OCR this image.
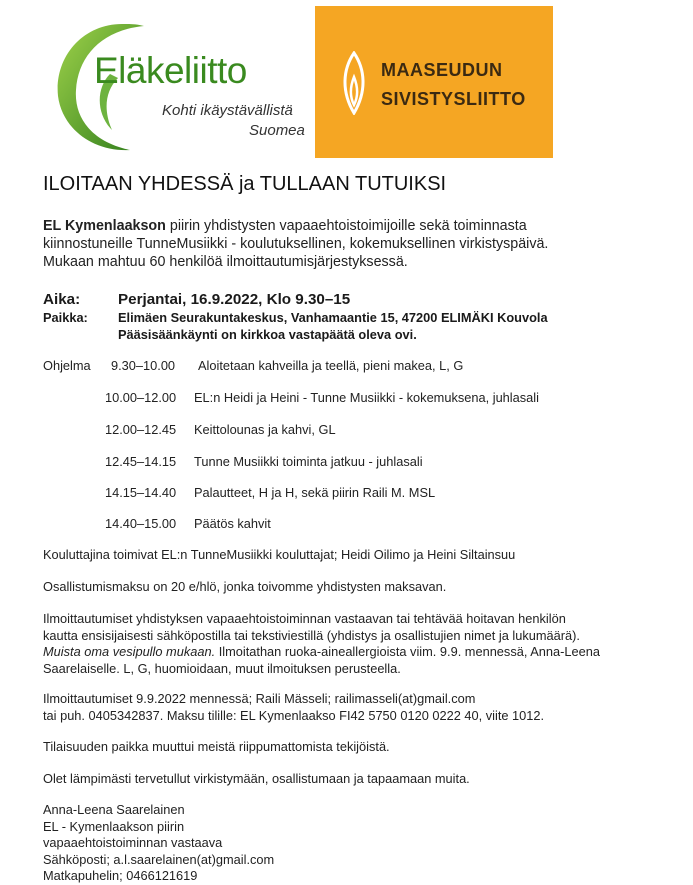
Eläkeliitto
Kohti ikäystävällistä
Suomea
MAASEUDUN
SIVISTYSLIITTO
ILOITAAN YHDESSÄ ja TULLAAN TUTUIKSI
EL Kymenlaakson piirin yhdistysten vapaaehtoistoimijoille sekä toiminnasta
kiinnostuneille TunneMusiikki - koulutuksellinen, kokemuksellinen virkistyspäivä.
Mukaan mahtuu 60 henkilöä ilmoittautumisjärjestyksessä.
Aika: Perjantai, 16.9.2022, Klo 9.30–15
Paikka: Elimäen Seurakuntakeskus, Vanhamaantie 15, 47200 ELIMÄKI Kouvola
Pääsisäänkäynti on kirkkoa vastapäätä oleva ovi.
Ohjelma 9.30–10.00 Aloitetaan kahveilla ja teellä, pieni makea, L, G
10.00–12.00 EL:n Heidi ja Heini - Tunne Musiikki - kokemuksena, juhlasali
12.00–12.45 Keittolounas ja kahvi, GL
12.45–14.15 Tunne Musiikki toiminta jatkuu - juhlasali
14.15–14.40 Palautteet, H ja H, sekä piirin Raili M. MSL
14.40–15.00 Päätös kahvit
Kouluttajina toimivat EL:n TunneMusiikki kouluttajat; Heidi Oilimo ja Heini Siltainsuu
Osallistumismaksu on 20 e/hlö, jonka toivomme yhdistysten maksavan.
Ilmoittautumiset yhdistyksen vapaaehtoistoiminnan vastaavan tai tehtävää hoitavan henkilön
kautta ensisijaisesti sähköpostilla tai tekstiviestillä (yhdistys ja osallistujien nimet ja lukumäärä).
Muista oma vesipullo mukaan. Ilmoitathan ruoka-aineallergioista viim. 9.9. mennessä, Anna-Leena
Saarelaiselle. L, G, huomioidaan, muut ilmoituksen perusteella.
Ilmoittautumiset 9.9.2022 mennessä; Raili Mässeli; railimasseli(at)gmail.com
tai puh. 0405342837. Maksu tilille: EL Kymenlaakso FI42 5750 0120 0222 40, viite 1012.
Tilaisuuden paikka muuttui meistä riippumattomista tekijöistä.
Olet lämpimästi tervetullut virkistymään, osallistumaan ja tapaamaan muita.
Anna-Leena Saarelainen
EL - Kymenlaakson piirin
vapaaehtoistoiminnan vastaava
Sähköposti; a.l.saarelainen(at)gmail.com
Matkapuhelin; 0466121619
